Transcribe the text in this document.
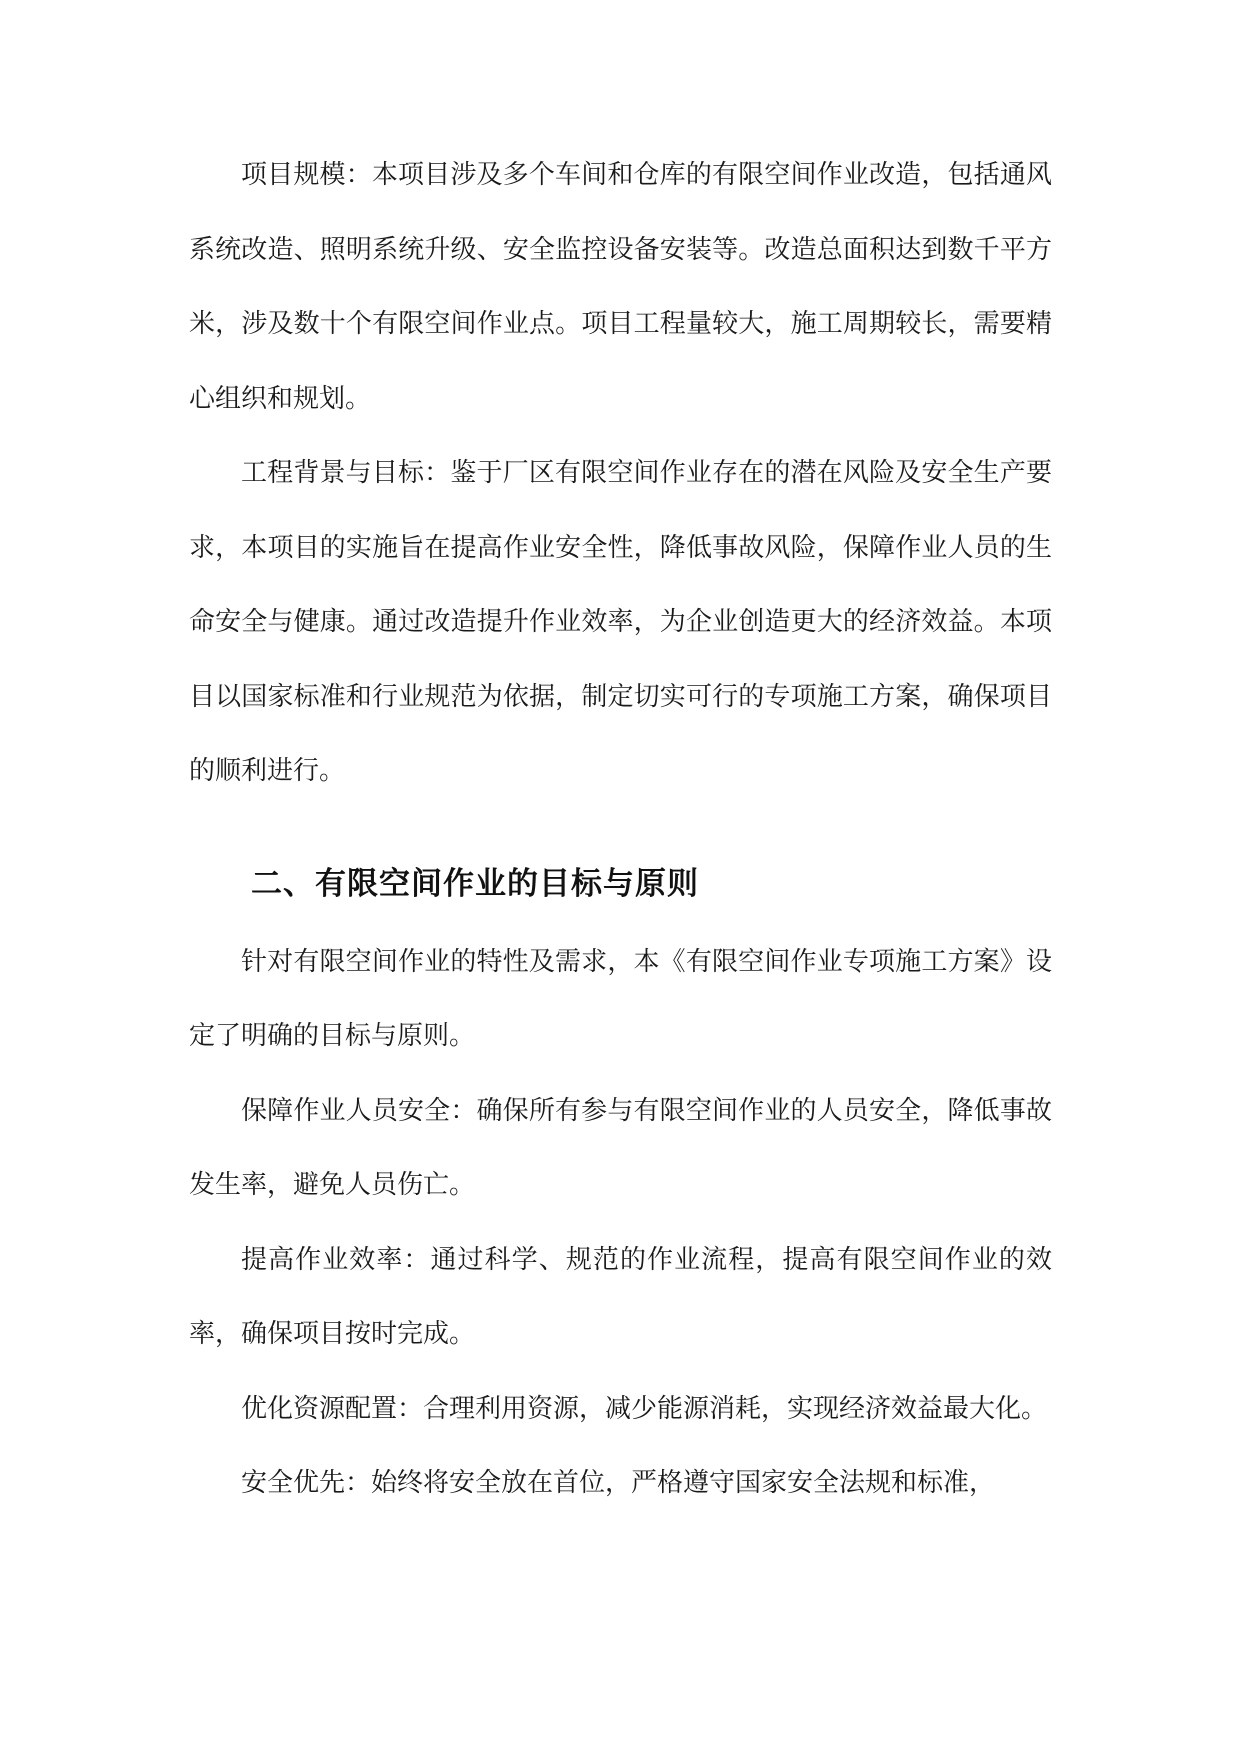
项目规模：本项目涉及多个车间和仓库的有限空间作业改造，包括通风系统改造、照明系统升级、安全监控设备安装等。改造总面积达到数千平方米，涉及数十个有限空间作业点。项目工程量较大，施工周期较长，需要精心组织和规划。

工程背景与目标：鉴于厂区有限空间作业存在的潜在风险及安全生产要求，本项目的实施旨在提高作业安全性，降低事故风险，保障作业人员的生命安全与健康。通过改造提升作业效率，为企业创造更大的经济效益。本项目以国家标准和行业规范为依据，制定切实可行的专项施工方案，确保项目的顺利进行。

二、有限空间作业的目标与原则

针对有限空间作业的特性及需求，本《有限空间作业专项施工方案》设定了明确的目标与原则。

保障作业人员安全：确保所有参与有限空间作业的人员安全，降低事故发生率，避免人员伤亡。

提高作业效率：通过科学、规范的作业流程，提高有限空间作业的效率，确保项目按时完成。

优化资源配置：合理利用资源，减少能源消耗，实现经济效益最大化。

安全优先：始终将安全放在首位，严格遵守国家安全法规和标准，
